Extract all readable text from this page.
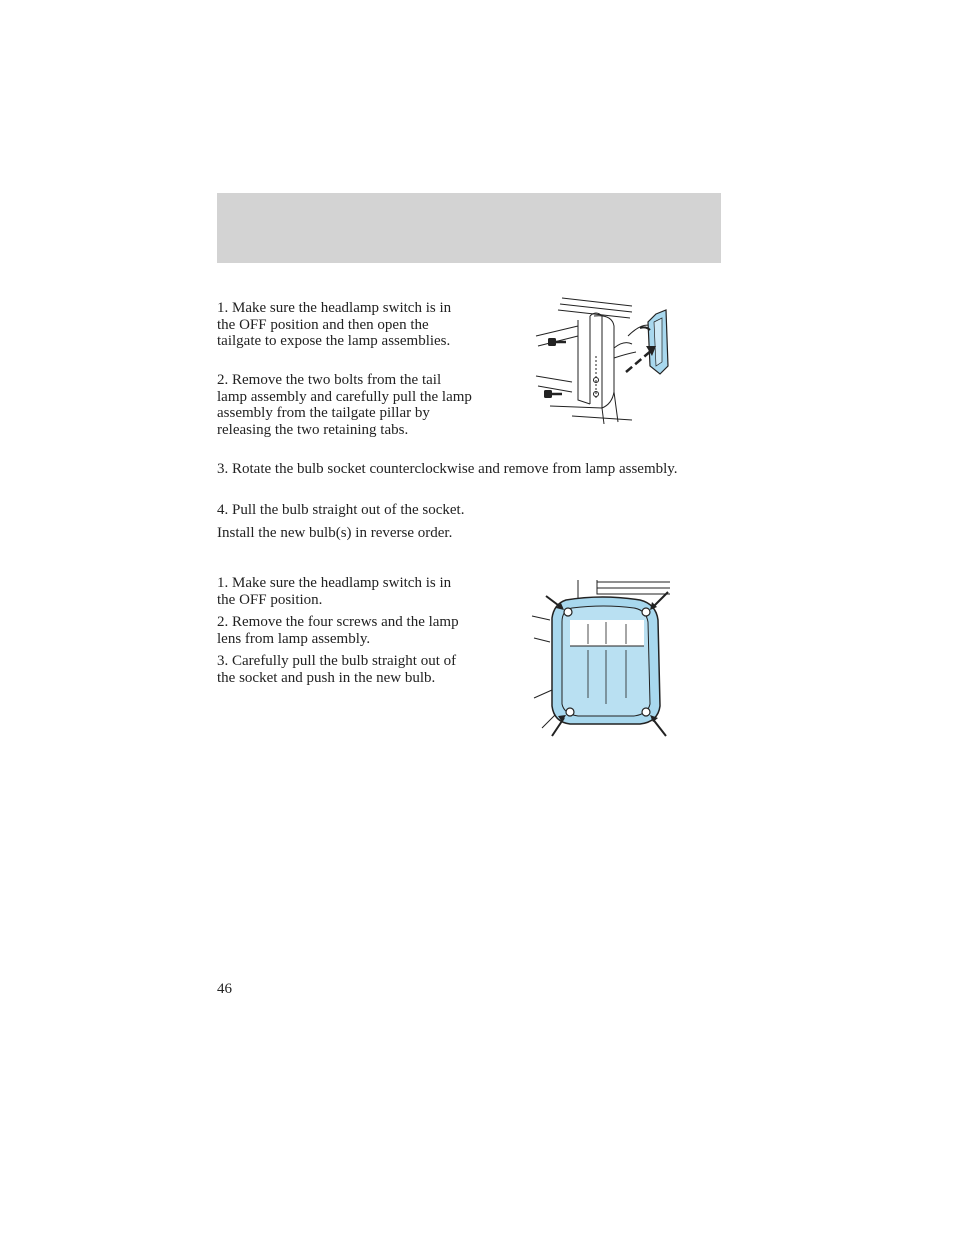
1. Make sure the headlamp switch is in the OFF position and then open the tailgate to expose the lamp assemblies.

2. Remove the two bolts from the tail lamp assembly and carefully pull the lamp assembly from the tailgate pillar by releasing the two retaining tabs.

3. Rotate the bulb socket counterclockwise and remove from lamp assembly.

4. Pull the bulb straight out of the socket.

Install the new bulb(s) in reverse order.

1. Make sure the headlamp switch is in the OFF position.

2. Remove the four screws and the lamp lens from lamp assembly.

3. Carefully pull the bulb straight out of the socket and push in the new bulb.

46
